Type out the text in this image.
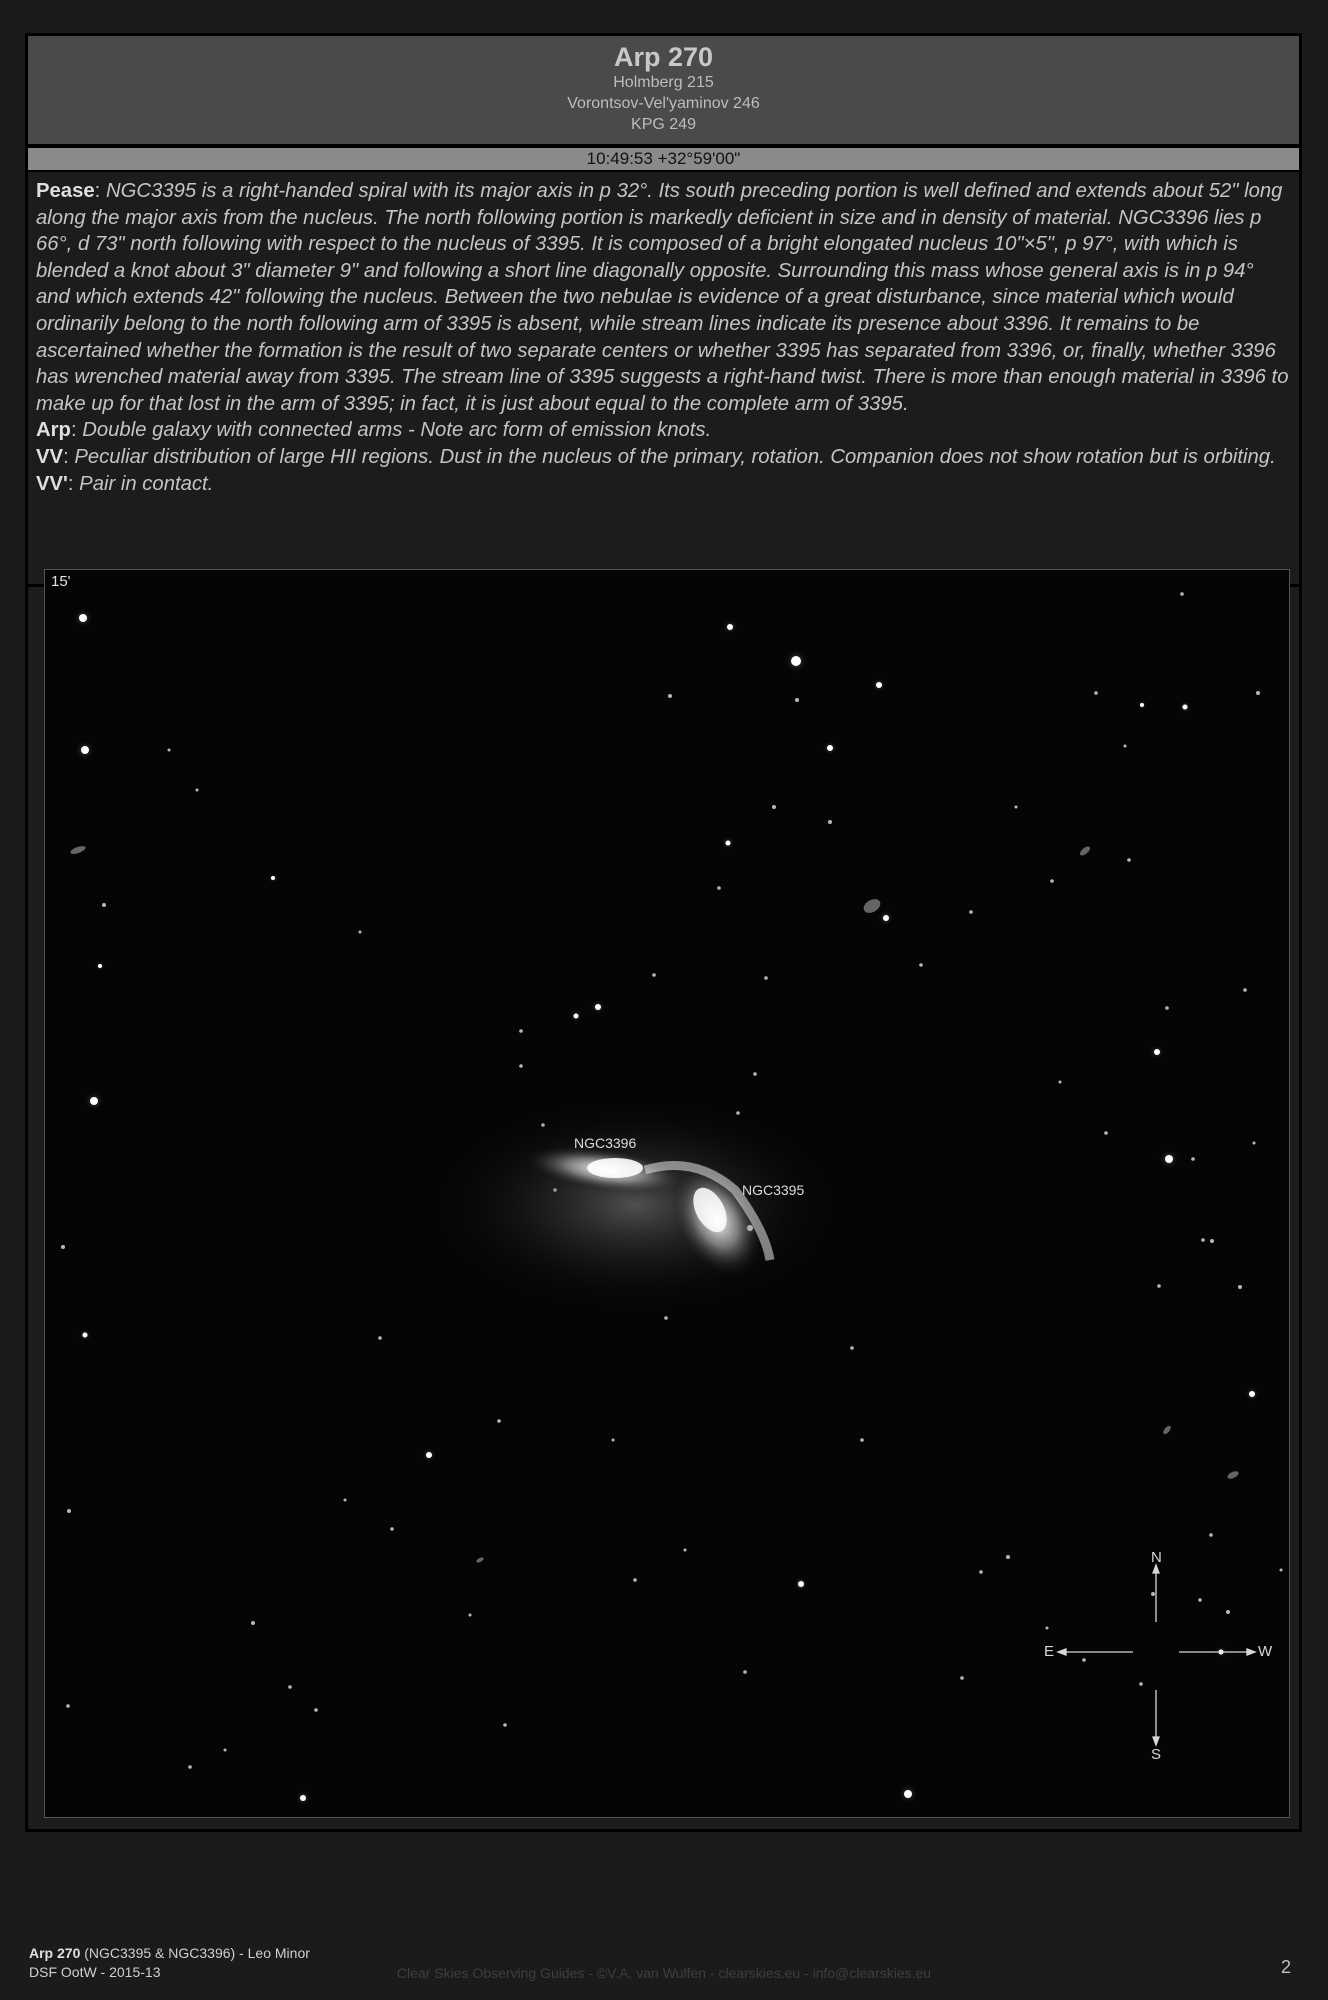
Arp 270
Holmberg 215
Vorontsov-Vel'yaminov 246
KPG 249
10:49:53 +32°59'00"

Pease: NGC3395 is a right-handed spiral with its major axis in p 32°. Its south preceding portion is well defined and extends about 52" long along the major axis from the nucleus. The north following portion is markedly deficient in size and in density of material. NGC3396 lies p 66°, d 73" north following with respect to the nucleus of 3395. It is composed of a bright elongated nucleus 10"×5", p 97°, with which is blended a knot about 3" diameter 9" and following a short line diagonally opposite. Surrounding this mass whose general axis is in p 94° and which extends 42" following the nucleus. Between the two nebulae is evidence of a great disturbance, since material which would ordinarily belong to the north following arm of 3395 is absent, while stream lines indicate its presence about 3396. It remains to be ascertained whether the formation is the result of two separate centers or whether 3395 has separated from 3396, or, finally, whether 3396 has wrenched material away from 3395. The stream line of 3395 suggests a right-hand twist. There is more than enough material in 3396 to make up for that lost in the arm of 3395; in fact, it is just about equal to the complete arm of 3395.

Arp: Double galaxy with connected arms - Note arc form of emission knots.

VV: Peculiar distribution of large HII regions. Dust in the nucleus of the primary, rotation. Companion does not show rotation but is orbiting.

VV': Pair in contact.

15'
NGC3396
NGC3395
N
S
E	W
Arp 270 (NGC3395 & NGC3396) - Leo Minor
DSF OotW - 2015-13	Clear Skies Observing Guides - ©V.A. van Wulfen - clearskies.eu - info@clearskies.eu	2
